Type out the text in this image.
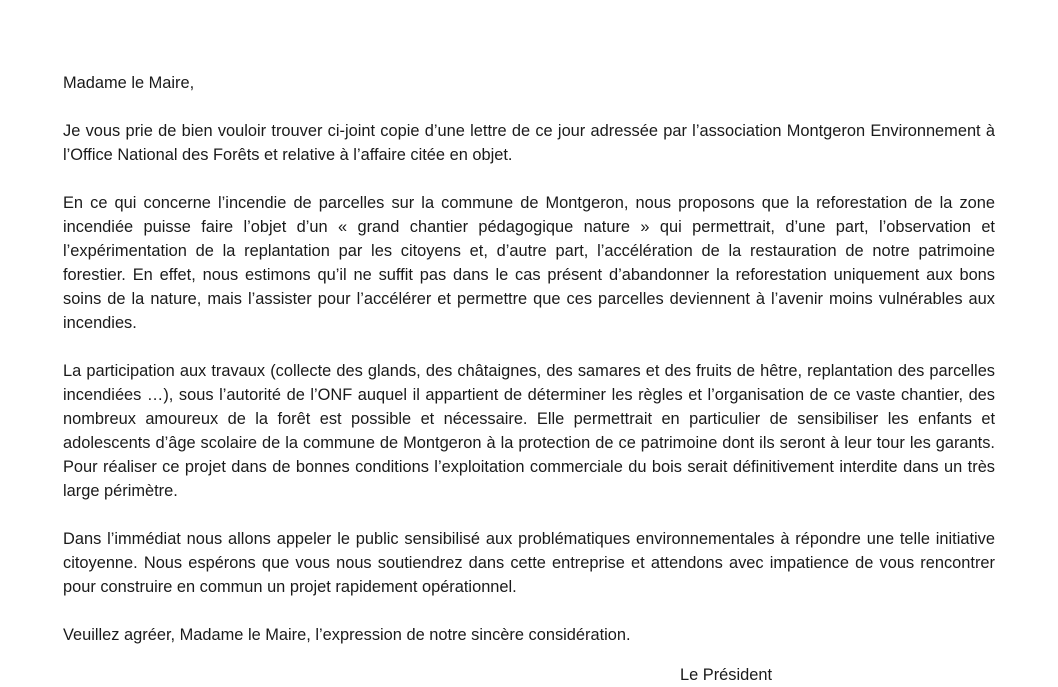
Madame le Maire,

Je vous prie de bien vouloir trouver ci-joint copie d’une lettre de ce jour adressée par l’association Montgeron Environnement à l’Office National des Forêts et relative à l’affaire citée en objet.

En ce qui concerne l’incendie de parcelles sur la commune de Montgeron, nous proposons que la reforestation de la zone incendiée puisse faire l’objet d’un « grand chantier pédagogique nature » qui permettrait, d’une part, l’observation et l’expérimentation de la replantation par les citoyens et, d’autre part, l’accélération de la restauration de notre patrimoine forestier. En effet, nous estimons qu’il ne suffit pas dans le cas présent d’abandonner la reforestation uniquement aux bons soins de la nature, mais l’assister pour l’accélérer et permettre que ces parcelles deviennent à l’avenir moins vulnérables aux incendies.

La participation aux travaux (collecte des glands, des châtaignes, des samares et des fruits de hêtre, replantation des parcelles incendiées …), sous l’autorité de l’ONF auquel il appartient de déterminer les règles et l’organisation de ce vaste chantier, des nombreux amoureux de la forêt est possible et nécessaire. Elle permettrait en particulier de sensibiliser les enfants et adolescents d’âge scolaire de la commune de Montgeron à la protection de ce patrimoine dont ils seront à leur tour les garants. Pour réaliser ce projet dans de bonnes conditions l’exploitation commerciale du bois serait définitivement interdite dans un très large périmètre.

Dans l’immédiat nous allons appeler le public sensibilisé aux problématiques environnementales à répondre une telle initiative citoyenne. Nous espérons que vous nous soutiendrez dans cette entreprise et attendons avec impatience de vous rencontrer pour construire en commun un projet rapidement opérationnel.

Veuillez agréer, Madame le Maire, l’expression de notre sincère considération.

Le Président
